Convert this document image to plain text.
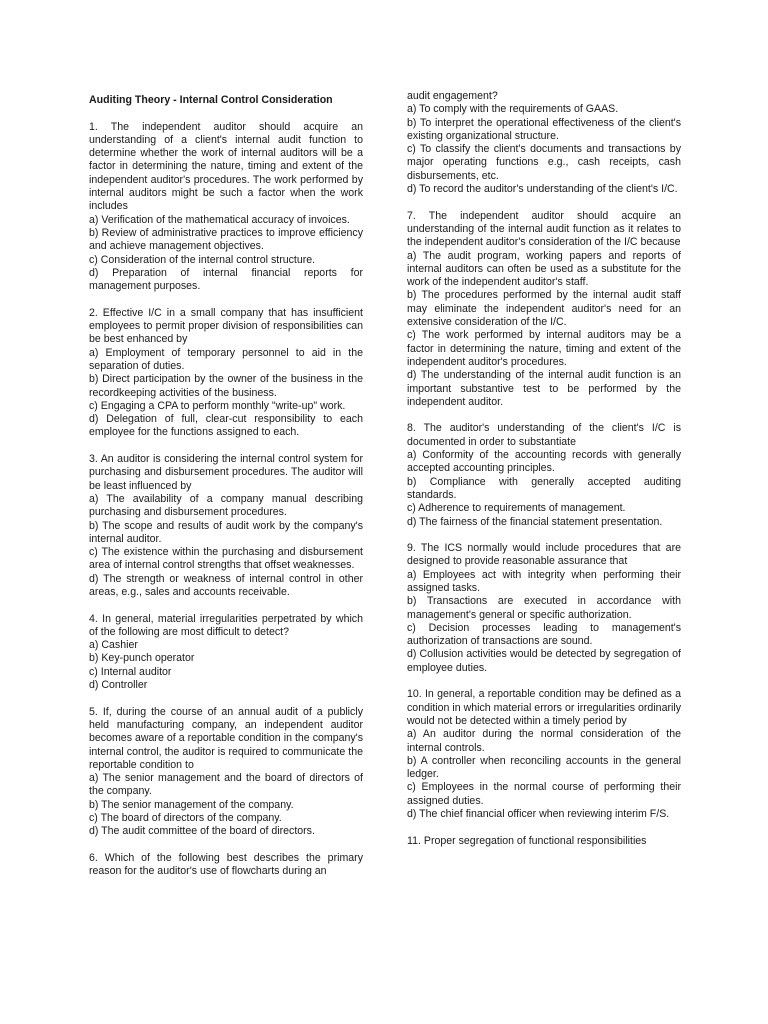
Auditing Theory - Internal Control Consideration

1. The independent auditor should acquire an understanding of a client's internal audit function to determine whether the work of internal auditors will be a factor in determining the nature, timing and extent of the independent auditor's procedures. The work performed by internal auditors might be such a factor when the work includes

a) Verification of the mathematical accuracy of invoices.

b) Review of administrative practices to improve efficiency and achieve management objectives.

c) Consideration of the internal control structure.

d) Preparation of internal financial reports for management purposes.

2. Effective I/C in a small company that has insufficient employees to permit proper division of responsibilities can be best enhanced by

a) Employment of temporary personnel to aid in the separation of duties.

b) Direct participation by the owner of the business in the recordkeeping activities of the business.

c) Engaging a CPA to perform monthly "write-up" work.

d) Delegation of full, clear-cut responsibility to each employee for the functions assigned to each.

3. An auditor is considering the internal control system for purchasing and disbursement procedures. The auditor will be least influenced by

a) The availability of a company manual describing purchasing and disbursement procedures.

b) The scope and results of audit work by the company's internal auditor.

c) The existence within the purchasing and disbursement area of internal control strengths that offset weaknesses.

d) The strength or weakness of internal control in other areas, e.g., sales and accounts receivable.

4. In general, material irregularities perpetrated by which of the following are most difficult to detect?

a) Cashier

b) Key-punch operator

c) Internal auditor

d) Controller

5. If, during the course of an annual audit of a publicly held manufacturing company, an independent auditor becomes aware of a reportable condition in the company's internal control, the auditor is required to communicate the reportable condition to

a) The senior management and the board of directors of the company.

b) The senior management of the company.

c) The board of directors of the company.

d) The audit committee of the board of directors.

6. Which of the following best describes the primary reason for the auditor's use of flowcharts during an

audit engagement?

a) To comply with the requirements of GAAS.

b) To interpret the operational effectiveness of the client's existing organizational structure.

c) To classify the client's documents and transactions by major operating functions e.g., cash receipts, cash disbursements, etc.

d) To record the auditor's understanding of the client's I/C.

7. The independent auditor should acquire an understanding of the internal audit function as it relates to the independent auditor's consideration of the I/C because

a) The audit program, working papers and reports of internal auditors can often be used as a substitute for the work of the independent auditor's staff.

b) The procedures performed by the internal audit staff may eliminate the independent auditor's need for an extensive consideration of the I/C.

c) The work performed by internal auditors may be a factor in determining the nature, timing and extent of the independent auditor's procedures.

d) The understanding of the internal audit function is an important substantive test to be performed by the independent auditor.

8. The auditor's understanding of the client's I/C is documented in order to substantiate

a) Conformity of the accounting records with generally accepted accounting principles.

b) Compliance with generally accepted auditing standards.

c) Adherence to requirements of management.

d) The fairness of the financial statement presentation.

9. The ICS normally would include procedures that are designed to provide reasonable assurance that

a) Employees act with integrity when performing their assigned tasks.

b) Transactions are executed in accordance with management's general or specific authorization.

c) Decision processes leading to management's authorization of transactions are sound.

d) Collusion activities would be detected by segregation of employee duties.

10. In general, a reportable condition may be defined as a condition in which material errors or irregularities ordinarily would not be detected within a timely period by

a) An auditor during the normal consideration of the internal controls.

b) A controller when reconciling accounts in the general ledger.

c) Employees in the normal course of performing their assigned duties.

d) The chief financial officer when reviewing interim F/S.

11. Proper segregation of functional responsibilities
